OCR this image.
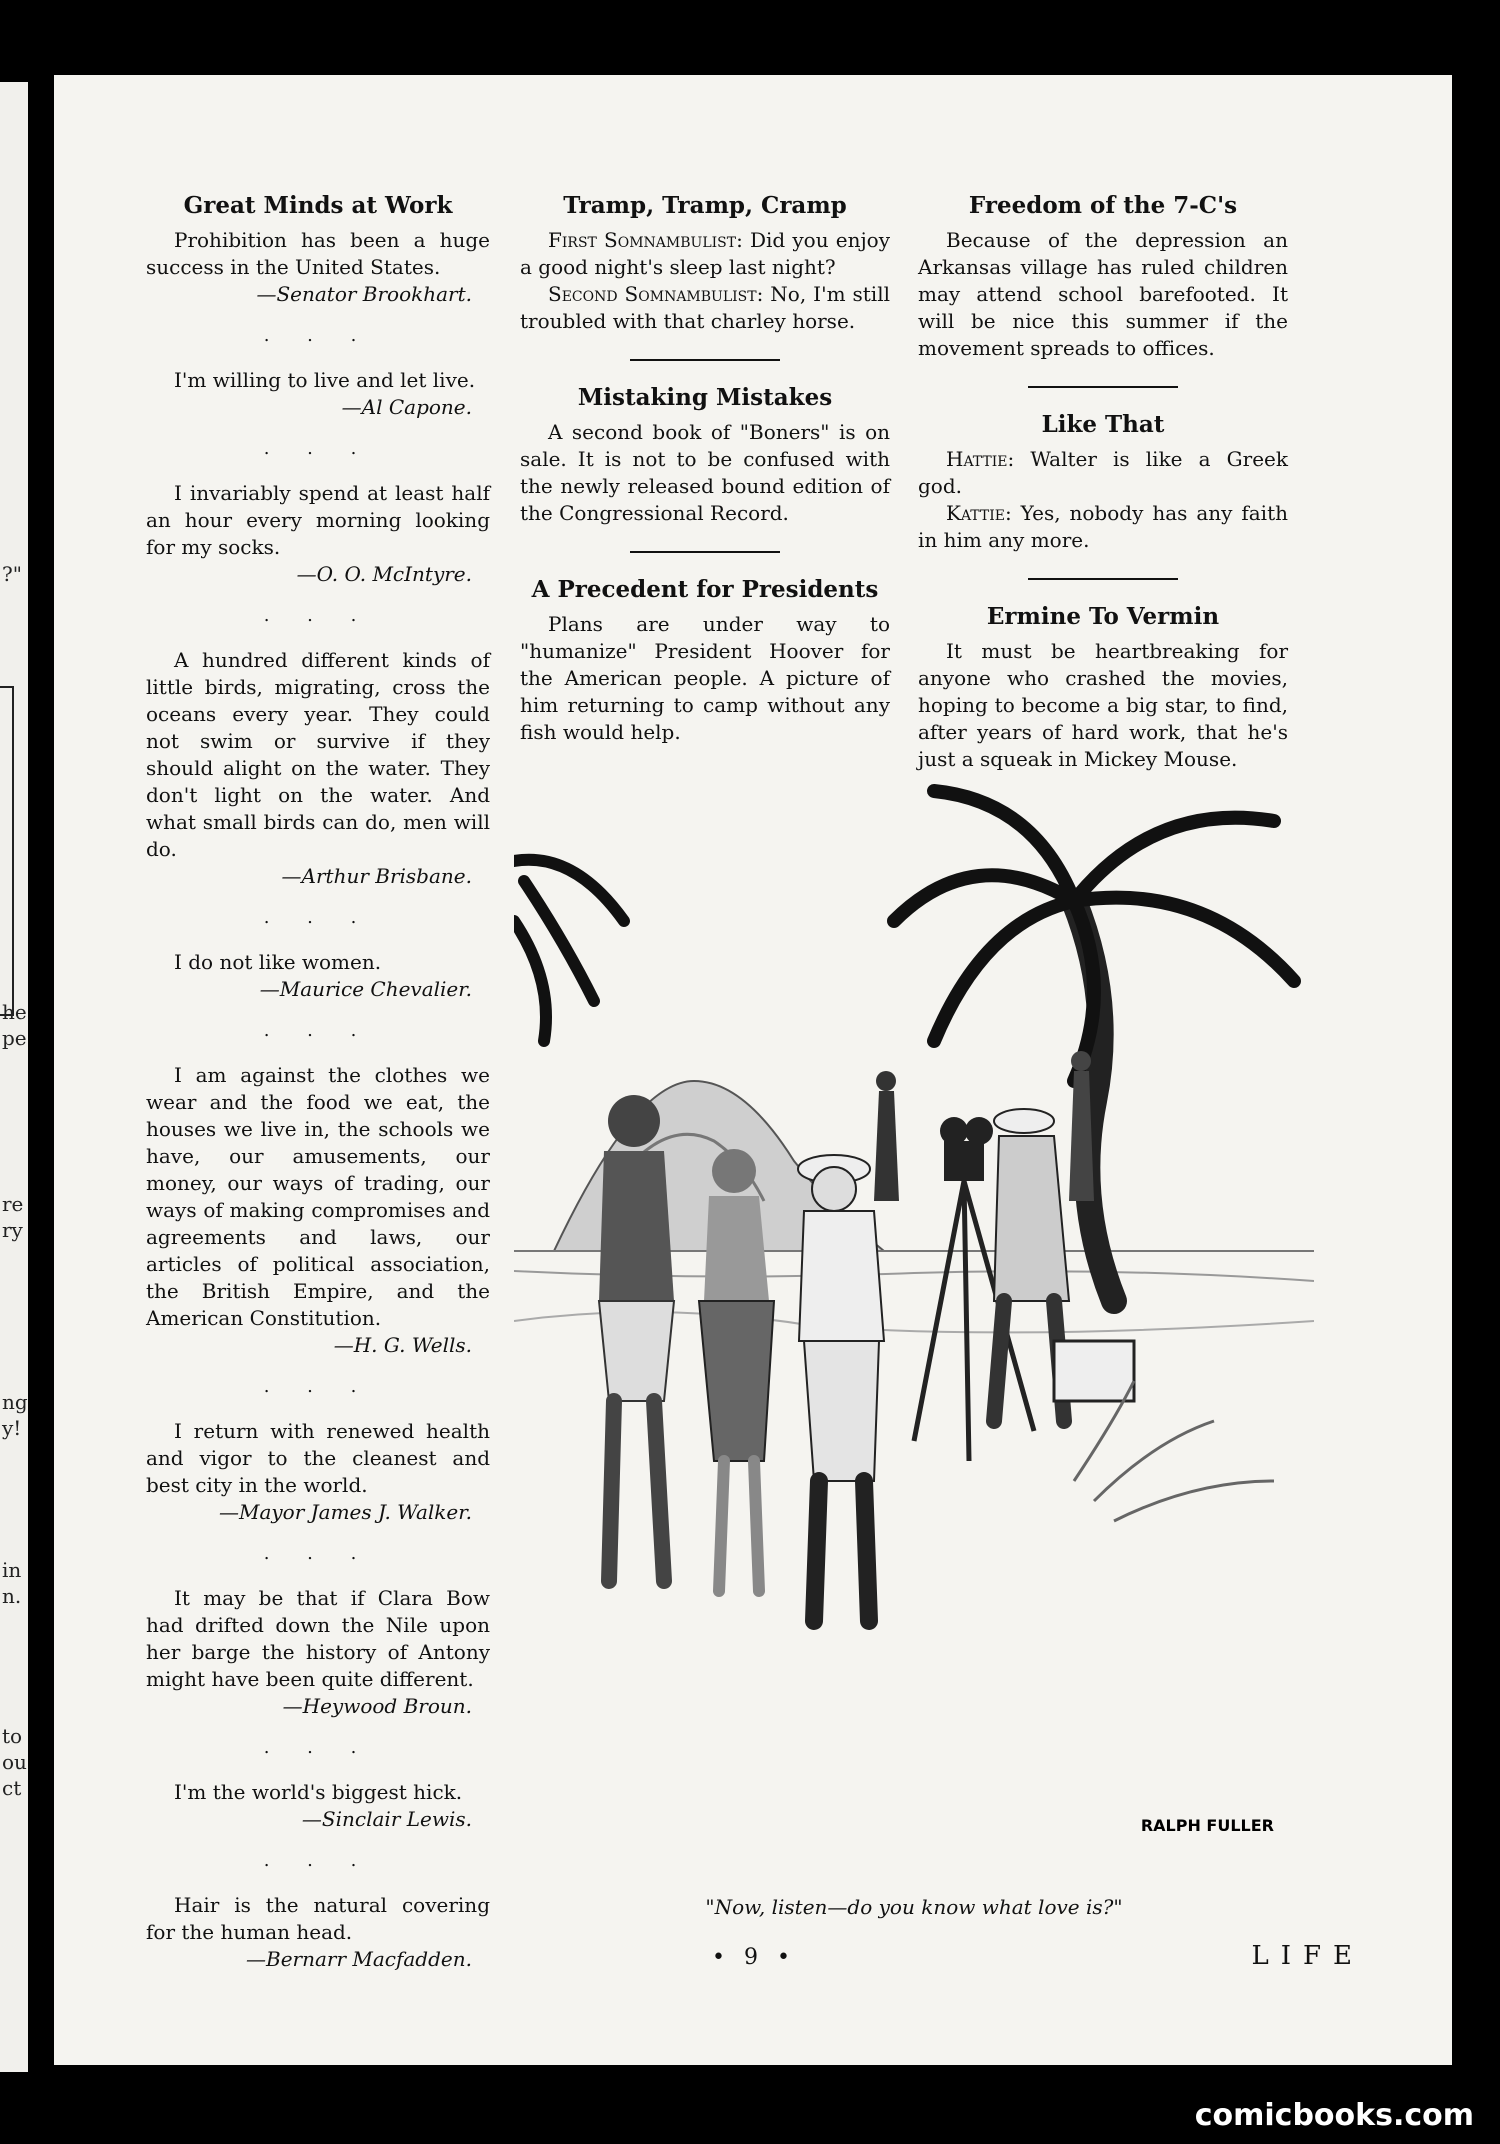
?"
he
pe
re
ry
ng
y!
in
n.
to
ou
ct
Great Minds at Work

Prohibition has been a huge success in the United States.

—Senator Brookhart.

. . .

I'm willing to live and let live.

—Al Capone.

. . .

I invariably spend at least half an hour every morning looking for my socks.

—O. O. McIntyre.

. . .

A hundred different kinds of little birds, migrating, cross the oceans every year. They could not swim or survive if they should alight on the water. They don't light on the water. And what small birds can do, men will do.

—Arthur Brisbane.

. . .

I do not like women.

—Maurice Chevalier.

. . .

I am against the clothes we wear and the food we eat, the houses we live in, the schools we have, our amusements, our money, our ways of trading, our ways of making compromises and agreements and laws, our articles of political association, the British Empire, and the American Constitution.

—H. G. Wells.

. . .

I return with renewed health and vigor to the cleanest and best city in the world.

—Mayor James J. Walker.

. . .

It may be that if Clara Bow had drifted down the Nile upon her barge the history of Antony might have been quite different.

—Heywood Broun.

. . .

I'm the world's biggest hick.

—Sinclair Lewis.

. . .

Hair is the natural covering for the human head.

—Bernarr Macfadden.

Tramp, Tramp, Cramp

First Somnambulist: Did you enjoy a good night's sleep last night?

Second Somnambulist: No, I'm still troubled with that charley horse.

Mistaking Mistakes

A second book of "Boners" is on sale. It is not to be confused with the newly released bound edition of the Congressional Record.

A Precedent for Presidents

Plans are under way to "humanize" President Hoover for the American people. A picture of him returning to camp without any fish would help.

Freedom of the 7-C's

Because of the depression an Arkansas village has ruled children may attend school barefooted. It will be nice this summer if the movement spreads to offices.

Like That

Hattie: Walter is like a Greek god.

Kattie: Yes, nobody has any faith in him any more.

Ermine To Vermin

It must be heartbreaking for anyone who crashed the movies, hoping to become a big star, to find, after years of hard work, that he's just a squeak in Mickey Mouse.

RALPH FULLER
"Now, listen—do you know what love is?"
• 9 •	LIFE
comicbooks.com
